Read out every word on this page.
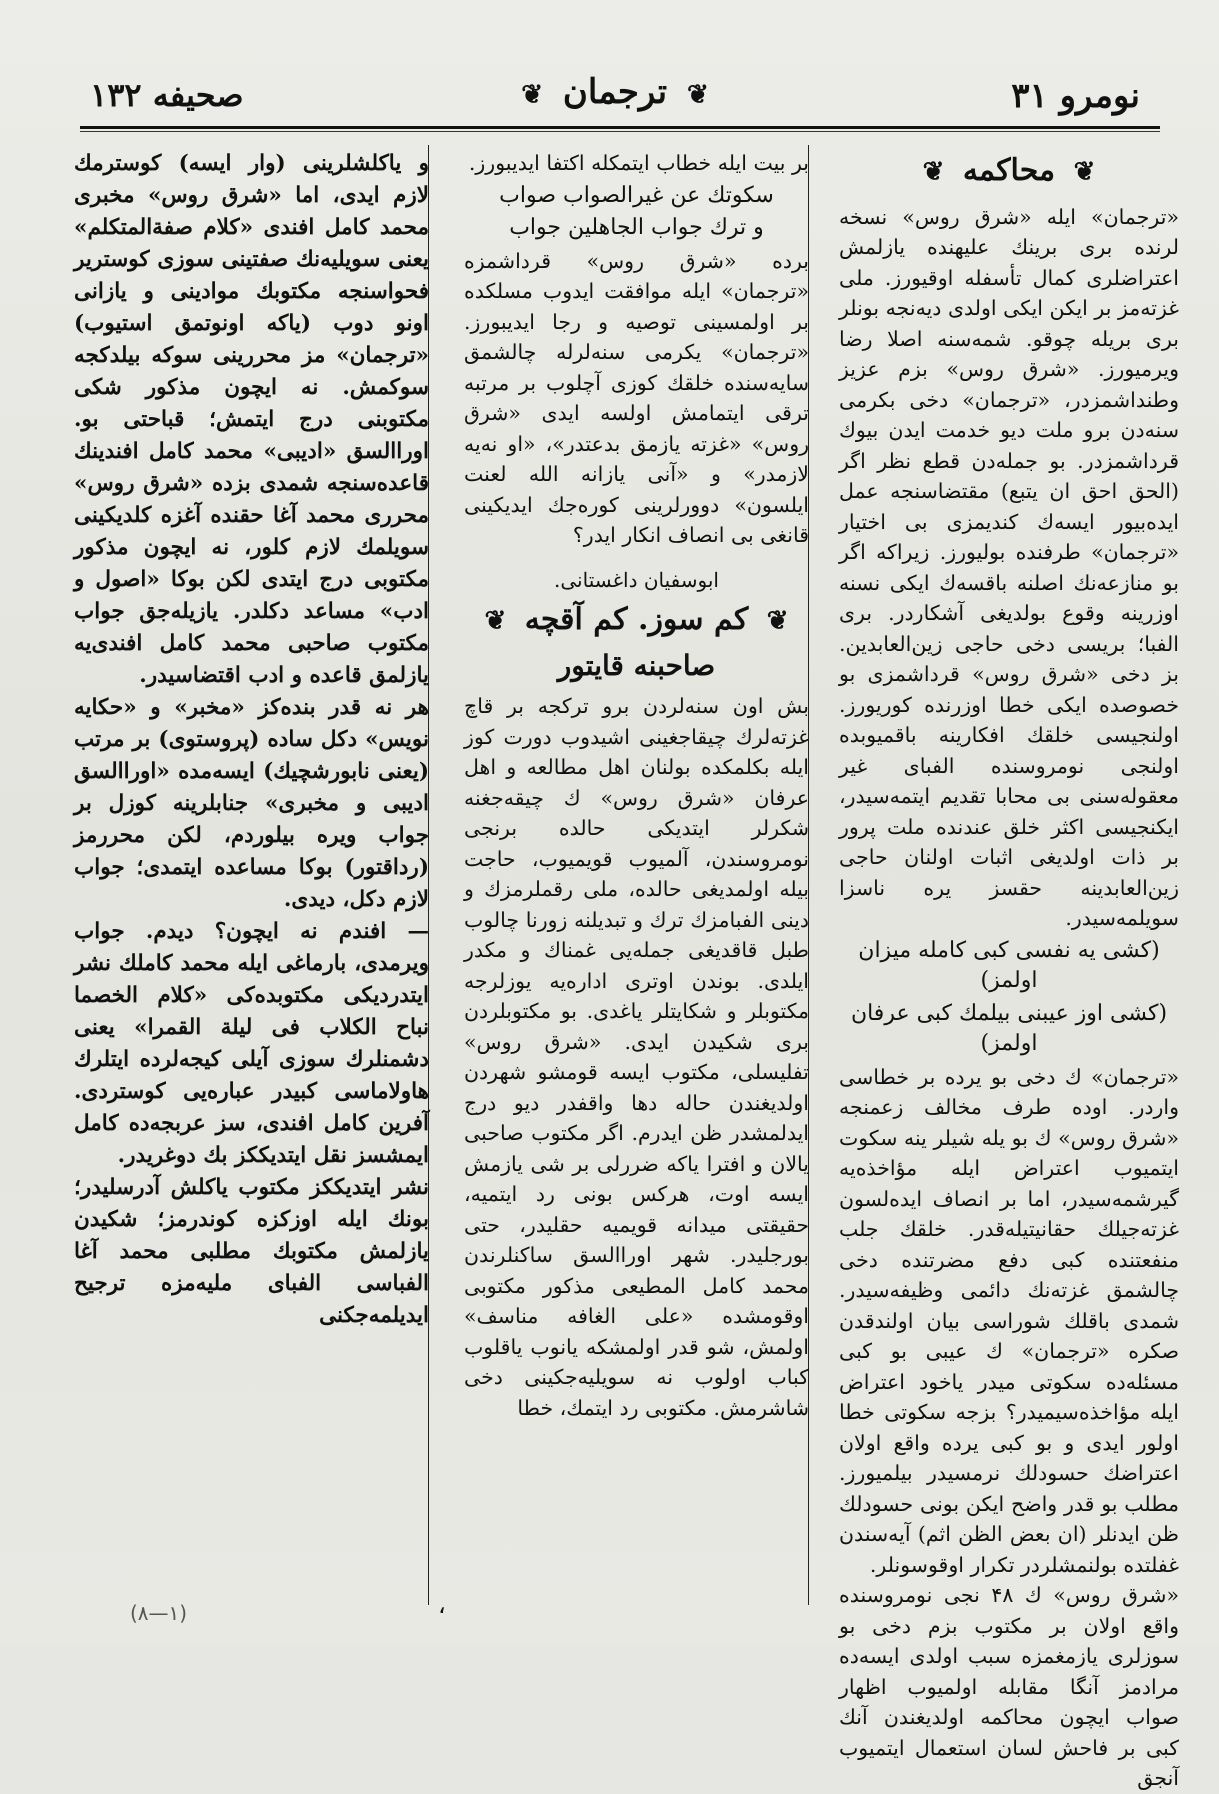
نومرو ۳۱
❦ ترجمان ❦
صحیفه ۱۳۲
❦ محاکمه ❦

«ترجمان» ایله «شرق روس» نسخه لرنده بری برینك علیهنده یازلمش اعتراضلری کمال تأسفله اوقیورز. ملی غزته‌مز بر ایکن ایکی اولدی دیه‌نجه بونلر بری بریله چوقو. شمه‌سنه اصلا رضا ویرمیورز. «شرق روس» بزم عزیز وطنداشمزدر، «ترجمان» دخی بکرمی سنه‌دن برو ملت دیو خدمت ایدن بیوك قرداشمزدر. بو جمله‌دن قطع نظر اگر (الحق احق ان یتبع) مقتضاسنجه عمل ایده‌بیور ایسه‌ك کندیمزی بی اختیار «ترجمان» طرفنده بولیورز. زیراکه اگر بو منازعه‌نك اصلنه باقسه‌ك ایکی نسنه اوزرینه وقوع بولدیغی آشکاردر. بری الفبا؛ بریسی دخی حاجی زین‌العابدین. بز دخی «شرق روس» قرداشمزی بو خصوصده ایکی خطا اوزرنده کوریورز. اولنجیسی خلقك افکارینه باقمیوبده اولنجی نومروسنده الفبای غیر معقوله‌سنی بی محابا تقدیم ایتمه‌سیدر، ایکنجیسی اکثر خلق عندنده ملت پرور بر ذات اولدیغی اثبات اولنان حاجی زین‌العابدینه حقسز یره ناسزا سویلمه‌سیدر.

(کشی یه نفسی کبی کامله میزان اولمز)
(کشی اوز عیبنی بیلمك کبی عرفان اولمز)

«ترجمان» ك دخی بو یرده بر خطاسی واردر. اوده طرف مخالف زعمنجه «شرق روس» ك بو یله شیلر ینه سکوت ایتمیوب اعتراض ایله مؤاخذه‌یه گیرشمه‌سیدر، اما بر انصاف ایده‌لسون غزته‌جیلك حقانیتیله‌قدر. خلقك جلب منفعتنده کبی دفع مضرتنده دخی چالشمق غزته‌نك دائمی وظیفه‌سیدر. شمدی باقلك شو‌راسی بیان اولندقدن صکره «ترجمان» ك عیبی بو کبی مسئله‌ده سکوتی میدر یاخود اعتراض ایله مؤاخذه‌سیمیدر؟ بزجه سکوتی خطا اولور ایدی و بو کبی یرده واقع اولان اعتراضك حسودلك نرمسیدر بیلمیورز. مطلب بو قدر واضح ایکن بونی حسودلك ظن ایدنلر (ان بعض الظن اثم) آیه‌سندن غفلتده بولنمشلردر تکرار اوقوسونلر.

«شرق روس» ك ۴۸ نجی نومروسنده واقع اولان بر مکتوب بزم دخی بو سوزلری یازمغمزه سبب اولدی ایسه‌ده مرادمز آنگا مقابله اولمیوب اظهار صواب ایچون محاکمه اولدیغندن آنك کبی بر فاحش لسان استعمال ایتمیوب آنجق

بر بیت ایله خطاب ایتمکله اکتفا ایدیبورز.

سکوتك عن غیرالصواب صواب
و ترك جواب الجاهلین جواب

برده «شرق روس» قرداشمزه «ترجمان» ایله موافقت ایدوب مسلکده بر اولمسینی توصیه و رجا ایدیبورز. «ترجمان» یکرمی سنه‌لرله چالشمق سایه‌سنده خلقك کوزی آچلوب بر مرتبه ترقی ایتمامش اولسه ایدی «شرق روس» «غزته یازمق بدعتدر»، «او نه‌یه لازمدر» و «آنی یازانه الله لعنت ایلسون» دوورلرینی کوره‌جك ایدیکینی قانغی بی انصاف انکار ایدر؟

ابوسفیان داغستانی.
❦ کم سوز. کم آقچه ❦
صاحبنه قایتور

بش اون سنه‌لردن برو ترکجه بر قاچ غزته‌لرك چیقاجغینی اشیدوب دورت کوز ایله بکلمکده بولنان اهل مطالعه و اهل عرفان «شرق روس» ك چیقه‌جغنه شکرلر ایتدیکی حالده برنجی نومروسندن، آلمیوب قویمیوب، حاجت بیله اولمدیغی حالده، ملی رقملرمزك و دینی الفبامزك ترك و تبدیلنه زورنا چالوب طبل قاقدیغی جمله‌یی غمناك و مکدر ایلدی. بوندن اوتری اداره‌یه یوزلرجه مکتوبلر و شکایتلر یاغدی. بو مکتوبلردن بری شکیدن ایدی. «شرق روس» تفلیسلی، مکتوب ایسه قومشو شهردن اولدیغندن حاله دها واقفدر دیو درج ایدلمشدر ظن ایدرم. اگر مکتوب صاحبی یالان و افترا یاکه ضررلی بر شی یازمش ایسه اوت، هرکس بونی رد ایتمیه، حقیقتی میدانه قویمیه حقلیدر، حتی بورجلیدر. شهر اوراالسق ساکنلرندن محمد کامل المطیعی مذکور مکتوبی اوقومشده «علی الغافه مناسف» اولمش، شو قدر اولمشکه یانوب یاقلوب کباب اولوب نه سویلیه‌جکینی دخی شاشرمش. مکتوبی رد ایتمك، خطا

و یاکلشلرینی (وار ایسه) کوسترمك لازم ایدی، اما «شرق روس» مخبری محمد کامل افندی «کلام صفة‌المتکلم» یعنی سویلیه‌نك صفتینی سوزی کوستریر فحواسنجه مکتوبك موادینی و یازانی اونو دوب (یاکه اونوتمق استیوب) «ترجمان» مز محررینی سوکه بیلدکجه سوکمش. نه ایچون مذکور شکی مکتوبنی درج ایتمش؛ قباحتی بو. اوراالسق «ادیبی» محمد کامل افندینك قاعده‌سنجه شمدی بزده «شرق روس» محرری محمد آغا حقنده آغزه کلدیکینی سویلمك لازم کلور، نه ایچون مذکور مکتوبی درج ایتدی لکن بوکا «اصول و ادب» مساعد دکلدر. یازیله‌جق جواب مکتوب صاحبی محمد کامل افندی‌یه یازلمق قاعده و ادب اقتضاسیدر.

هر نه قدر بنده‌کز «مخبر» و «حکایه نویس» دکل ساده (پروستوی) بر مرتب (یعنی نابورشچیك) ایسه‌مده «اوراالسق ادیبی و مخبری» جنابلرینه کوزل بر جواب ویره بیلوردم، لکن محررمز (رداقتور) بوکا مساعده ایتمدی؛ جواب لازم دکل، دیدی.

— افندم نه ایچون؟ دیدم. جواب ویرمدی، بارماغی ایله محمد کاملك نشر ایتدردیکی مکتوبده‌کی «کلام الخصما نباح الکلاب فی لیلة القمرا» یعنی دشمنلرك سوزی آیلی کیجه‌لرده ایتلرك هاولاماسی کبیدر عباره‌یی کوستردی. آفرین کامل افندی، سز عربجه‌ده کامل ایمشسز نقل ایتدیککز بك دوغریدر.

نشر ایتدیککز مکتوب یاکلش آدرسلیدر؛ بونك ایله اوزکزه کوندرمز؛ شکیدن یازلمش مکتوبك مطلبی محمد آغا الفباسی الفبای ملیه‌مزه ترجیح ایدیلمه‌جکنی

(۸—۱)	،
